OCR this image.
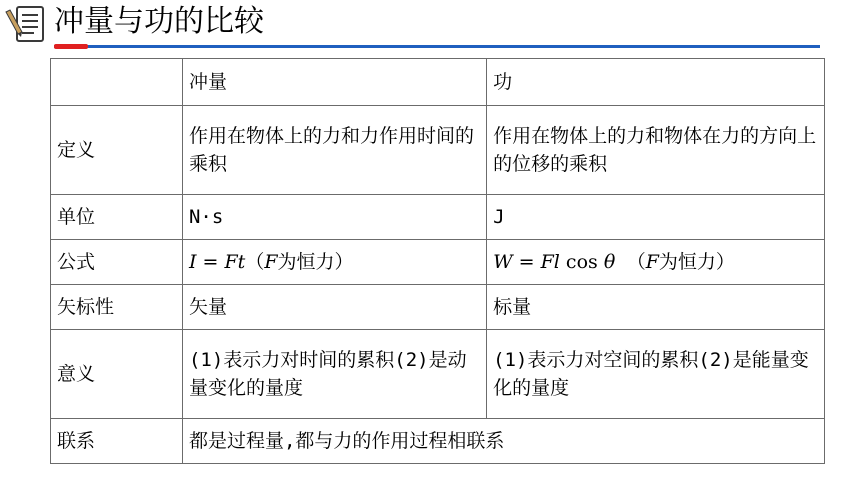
冲量与功的比较
	冲量	功
定义	作用在物体上的力和力作用时间的乘积	作用在物体上的力和物体在力的方向上的位移的乘积
单位	N·s	J
公式	I = Ft（F为恒力）	W = Fl cos θ （F为恒力）
矢标性	矢量	标量
意义	(1)表示力对时间的累积(2)是动量变化的量度	(1)表示力对空间的累积(2)是能量变化的量度
联系	都是过程量,都与力的作用过程相联系	
